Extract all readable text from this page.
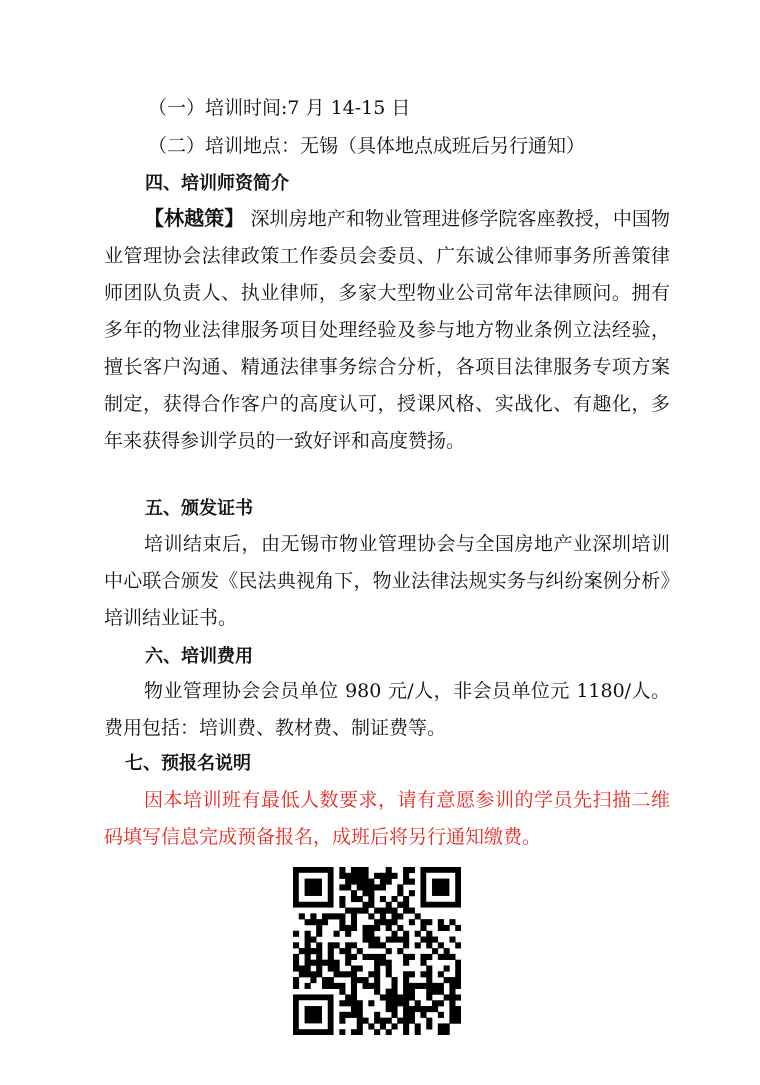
（一）培训时间:7 月 14-15 日
（二）培训地点：无锡（具体地点成班后另行通知）
四、培训师资简介

【林越策】 深圳房地产和物业管理进修学院客座教授，中国物业管理协会法律政策工作委员会委员、广东诚公律师事务所善策律师团队负责人、执业律师，多家大型物业公司常年法律顾问。拥有多年的物业法律服务项目处理经验及参与地方物业条例立法经验，擅长客户沟通、精通法律事务综合分析，各项目法律服务专项方案制定，获得合作客户的高度认可，授课风格、实战化、有趣化，多年来获得参训学员的一致好评和高度赞扬。

五、颁发证书

培训结束后，由无锡市物业管理协会与全国房地产业深圳培训中心联合颁发《民法典视角下，物业法律法规实务与纠纷案例分析》培训结业证书。

六、培训费用

物业管理协会会员单位 980 元/人，非会员单位元 1180/人。费用包括：培训费、教材费、制证费等。

七、预报名说明

因本培训班有最低人数要求，请有意愿参训的学员先扫描二维码填写信息完成预备报名，成班后将另行通知缴费。
